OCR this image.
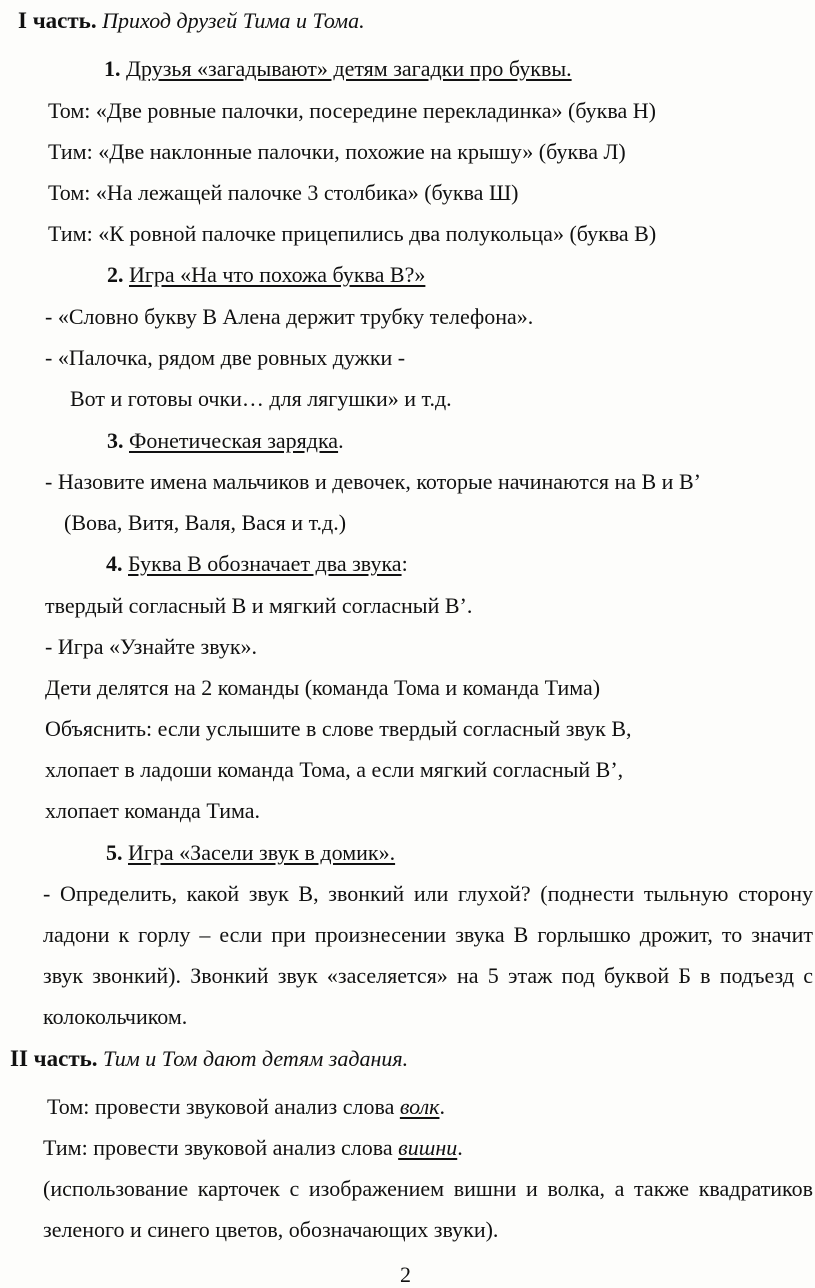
I часть. Приход друзей Тима и Тома.
1. Друзья «загадывают» детям загадки про буквы.
Том: «Две ровные палочки, посередине перекладинка» (буква Н)
Тим: «Две наклонные палочки, похожие на крышу» (буква Л)
Том: «На лежащей палочке 3 столбика» (буква Ш)
Тим: «К ровной палочке прицепились два полукольца» (буква В)
2. Игра «На что похожа буква В?»
- «Словно букву В Алена держит трубку телефона».
- «Палочка, рядом две ровных дужки -
Вот и готовы очки… для лягушки» и т.д.
3. Фонетическая зарядка.
- Назовите имена мальчиков и девочек, которые начинаются на В и В’
(Вова, Витя, Валя, Вася и т.д.)
4. Буква В обозначает два звука:
твердый согласный В и мягкий согласный В’.
- Игра «Узнайте звук».
Дети делятся на 2 команды (команда Тома и команда Тима)
Объяснить: если услышите в слове твердый согласный звук В,
хлопает в ладоши команда Тома, а если мягкий согласный В’,
хлопает команда Тима.
5. Игра «Засели звук в домик».
- Определить, какой звук В, звонкий или глухой? (поднести тыльную сторону ладони к горлу – если при произнесении звука В горлышко дрожит, то значит звук звонкий). Звонкий звук «заселяется» на 5 этаж под буквой Б в подъезд с колокольчиком.
II часть. Тим и Том дают детям задания.
Том: провести звуковой анализ слова волк.
Тим: провести звуковой анализ слова вишни.
(использование карточек с изображением вишни и волка, а также квадратиков зеленого и синего цветов, обозначающих звуки).
2
